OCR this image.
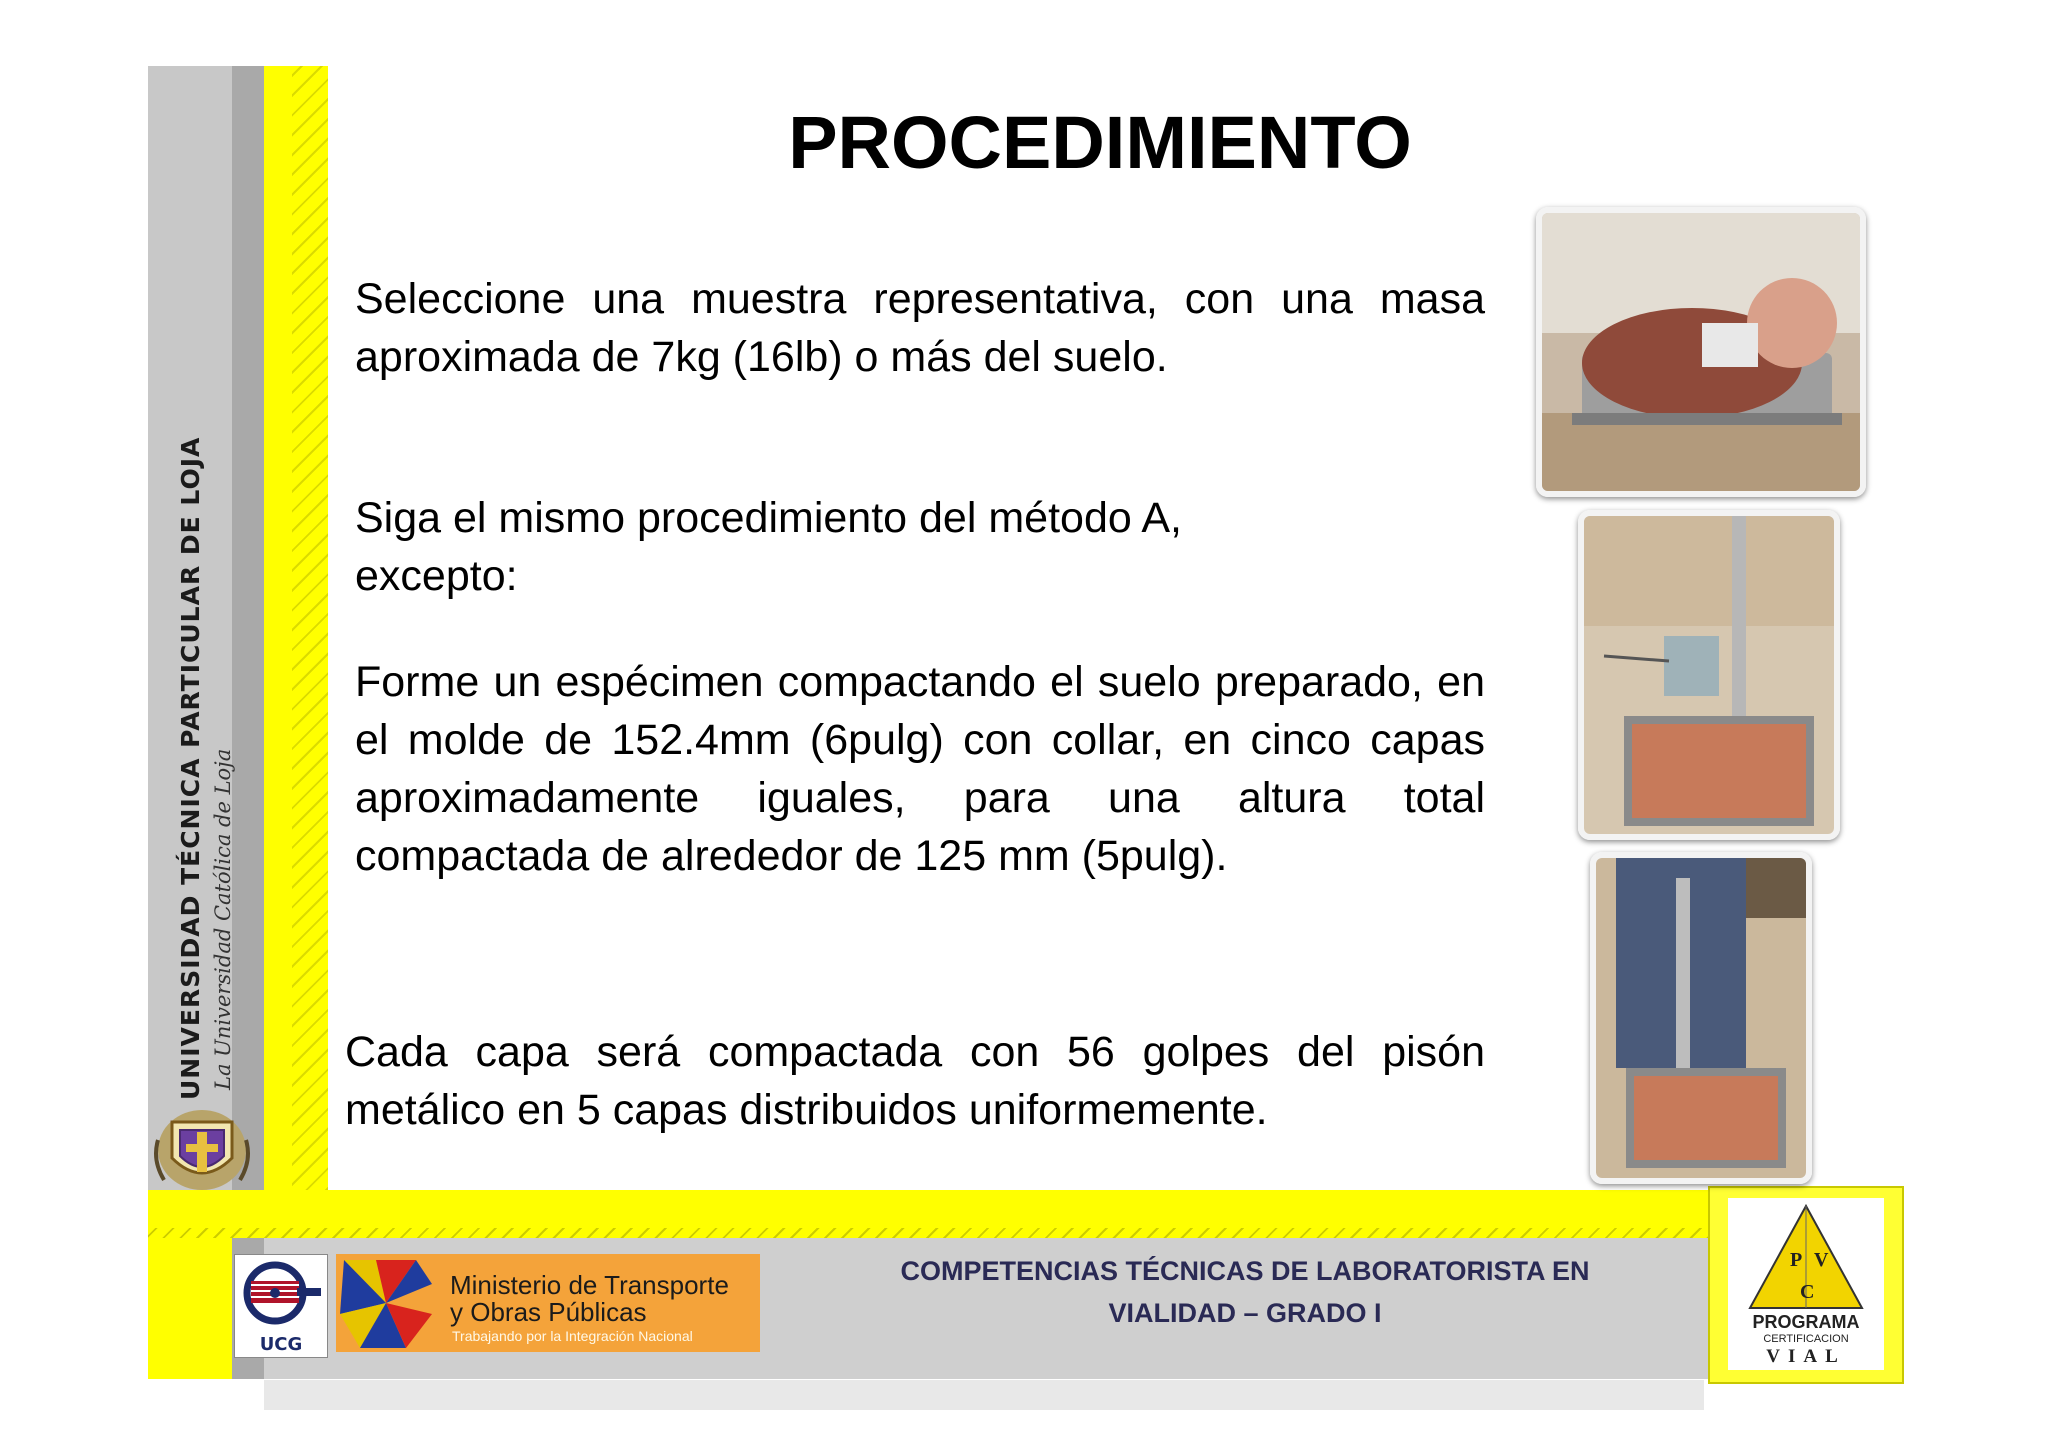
UNIVERSIDAD TÉCNICA PARTICULAR DE LOJA La Universidad Católica de Loja
UCG
Ministerio de Transporte
y Obras Públicas
Trabajando por la Integración Nacional
COMPETENCIAS TÉCNICAS DE LABORATORISTA EN
VIALIDAD – GRADO I
P V
C
PROGRAMA
CERTIFICACION
VIAL
PROCEDIMIENTO
Seleccione una muestra representativa, con una masa aproximada de 7kg (16lb) o más del suelo.
Siga el mismo procedimiento del método A, excepto:
Forme un espécimen compactando el suelo preparado, en el molde de 152.4mm (6pulg) con collar, en cinco capas aproximadamente iguales, para una altura total compactada de alrededor de 125 mm (5pulg).
Cada capa será compactada con 56 golpes del pisón metálico en 5 capas distribuidos uniformemente.
